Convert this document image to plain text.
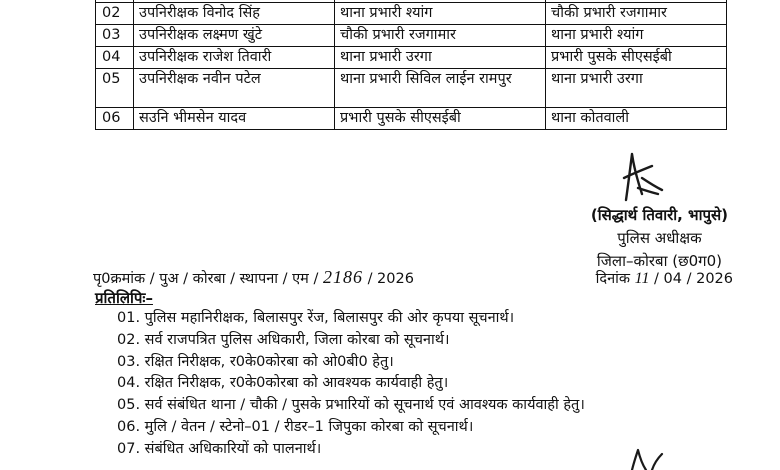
02	उपनिरीक्षक विनोद सिंह	थाना प्रभारी श्यांग	चौकी प्रभारी रजगामार
03	उपनिरीक्षक लक्ष्मण खुंटे	चौकी प्रभारी रजगामार	थाना प्रभारी श्यांग
04	उपनिरीक्षक राजेश तिवारी	थाना प्रभारी उरगा	प्रभारी पुसके सीएसईबी
05	उपनिरीक्षक नवीन पटेल	थाना प्रभारी सिविल लाईन रामपुर	थाना प्रभारी उरगा
06	सउनि भीमसेन यादव	प्रभारी पुसके सीएसईबी	थाना कोतवाली
(सिद्धार्थ तिवारी, भापुसे)
पुलिस अधीक्षक
जिला–कोरबा (छ0ग0)
पृ0क्रमांक / पुअ / कोरबा / स्थापना / एम / 2186 / 2026	दिनांक 11 / 04 / 2026
प्रतिलिपिः–
01. पुलिस महानिरीक्षक, बिलासपुर रेंज, बिलासपुर की ओर कृपया सूचनार्थ।
02. सर्व राजपत्रित पुलिस अधिकारी, जिला कोरबा को सूचनार्थ।
03. रक्षित निरीक्षक, र0के0कोरबा को ओ0बी0 हेतु।
04. रक्षित निरीक्षक, र0के0कोरबा को आवश्यक कार्यवाही हेतु।
05. सर्व संबंधित थाना / चौकी / पुसके प्रभारियों को सूचनार्थ एवं आवश्यक कार्यवाही हेतु।
06. मुलि / वेतन / स्टेनो–01 / रीडर–1 जिपुका कोरबा को सूचनार्थ।
07. संबंधित अधिकारियों को पालनार्थ।
